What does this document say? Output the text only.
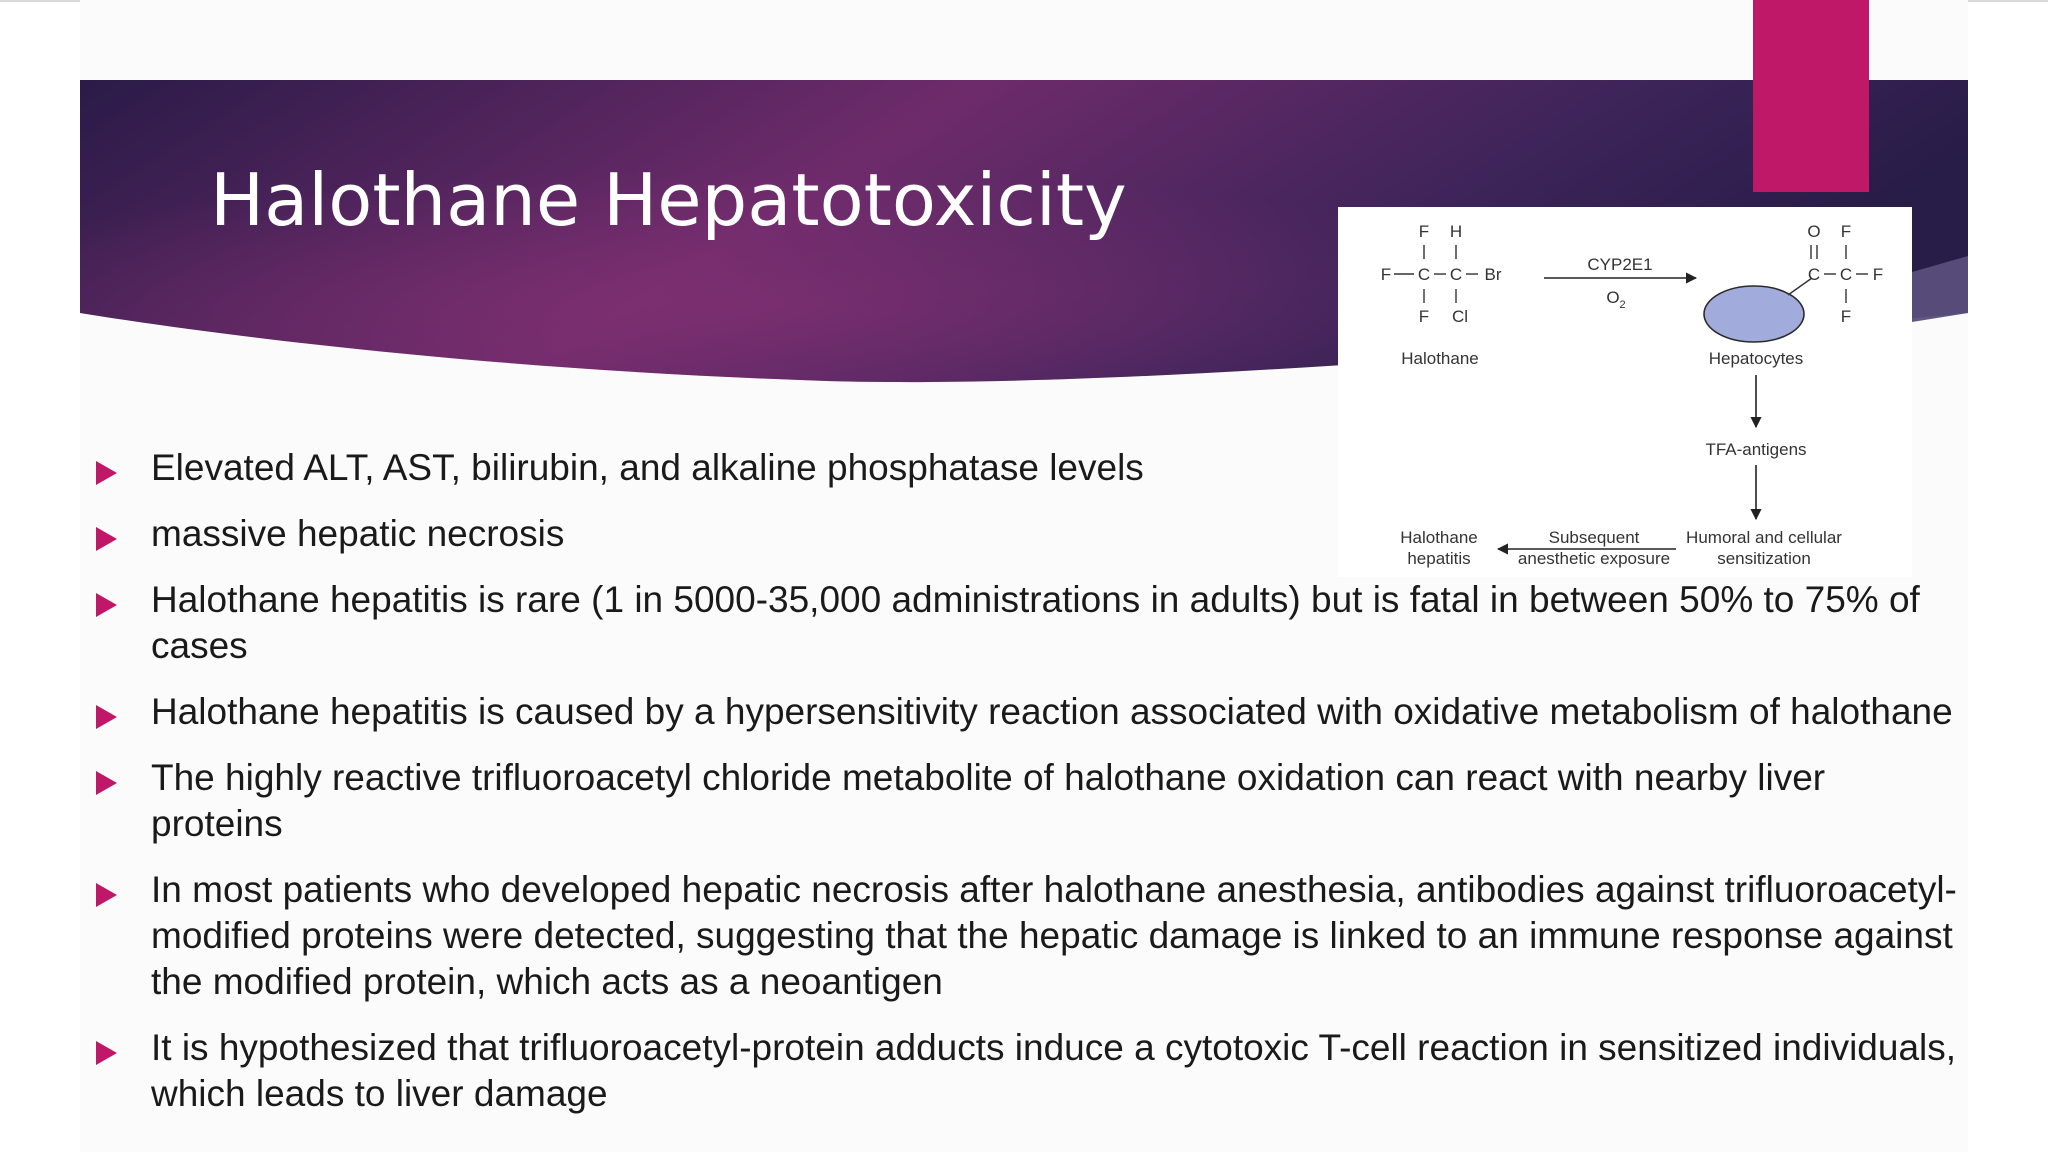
Halothane Hepatotoxicity
Elevated ALT, AST, bilirubin, and alkaline phosphatase levels
massive hepatic necrosis
Halothane hepatitis is rare (1 in 5000-35,000 administrations in adults) but is fatal in between 50% to 75% of cases
Halothane hepatitis is caused by a hypersensitivity reaction associated with oxidative metabolism of halothane
The highly reactive trifluoroacetyl chloride metabolite of halothane oxidation can react with nearby liver proteins
In most patients who developed hepatic necrosis after halothane anesthesia, antibodies against trifluoroacetyl-modified proteins were detected, suggesting that the hepatic damage is linked to an immune response against the modified protein, which acts as a neoantigen
It is hypothesized that trifluoroacetyl-protein adducts induce a cytotoxic T-cell reaction in sensitized individuals, which leads to liver damage
F H
F C C Br
F Cl
Halothane
CYP2E1
$O_2$
Hepatocytes
O F
C C F
F
TFA-antigens
Humoral and cellular
sensitization
Subsequent
anesthetic exposure
Halothane
hepatitis
